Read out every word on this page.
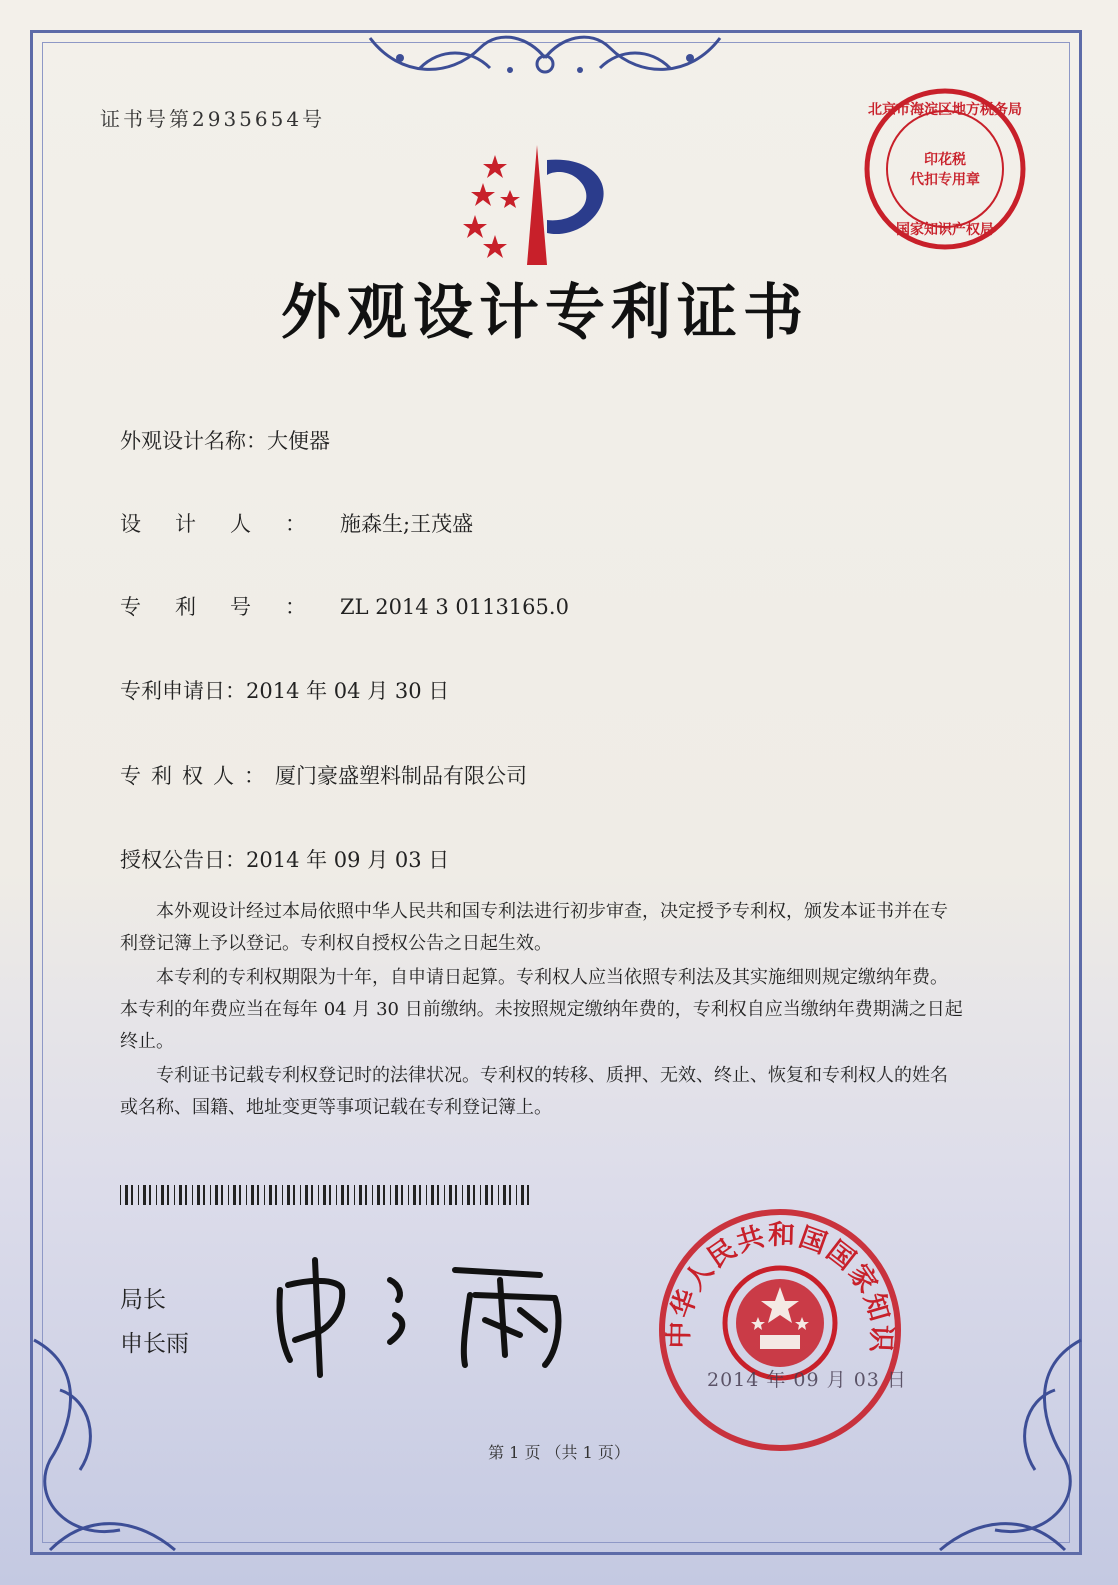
证书号第2935654号
外观设计专利证书
北京市海淀区地方税务局
印花税
代扣专用章
国家知识产权局
外观设计名称：大便器
设计人：施森生;王茂盛
专利号：ZL 2014 3 0113165.0
专利申请日：2014 年 04 月 30 日
专利权人：厦门豪盛塑料制品有限公司
授权公告日：2014 年 09 月 03 日
本外观设计经过本局依照中华人民共和国专利法进行初步审查，决定授予专利权，颁发本证书并在专利登记簿上予以登记。专利权自授权公告之日起生效。
本专利的专利权期限为十年，自申请日起算。专利权人应当依照专利法及其实施细则规定缴纳年费。本专利的年费应当在每年 04 月 30 日前缴纳。未按照规定缴纳年费的，专利权自应当缴纳年费期满之日起终止。
专利证书记载专利权登记时的法律状况。专利权的转移、质押、无效、终止、恢复和专利权人的姓名或名称、国籍、地址变更等事项记载在专利登记簿上。
局长
申长雨	中华人民共和国国家知识
2014 年 09 月 03 日
第 1 页 （共 1 页）
